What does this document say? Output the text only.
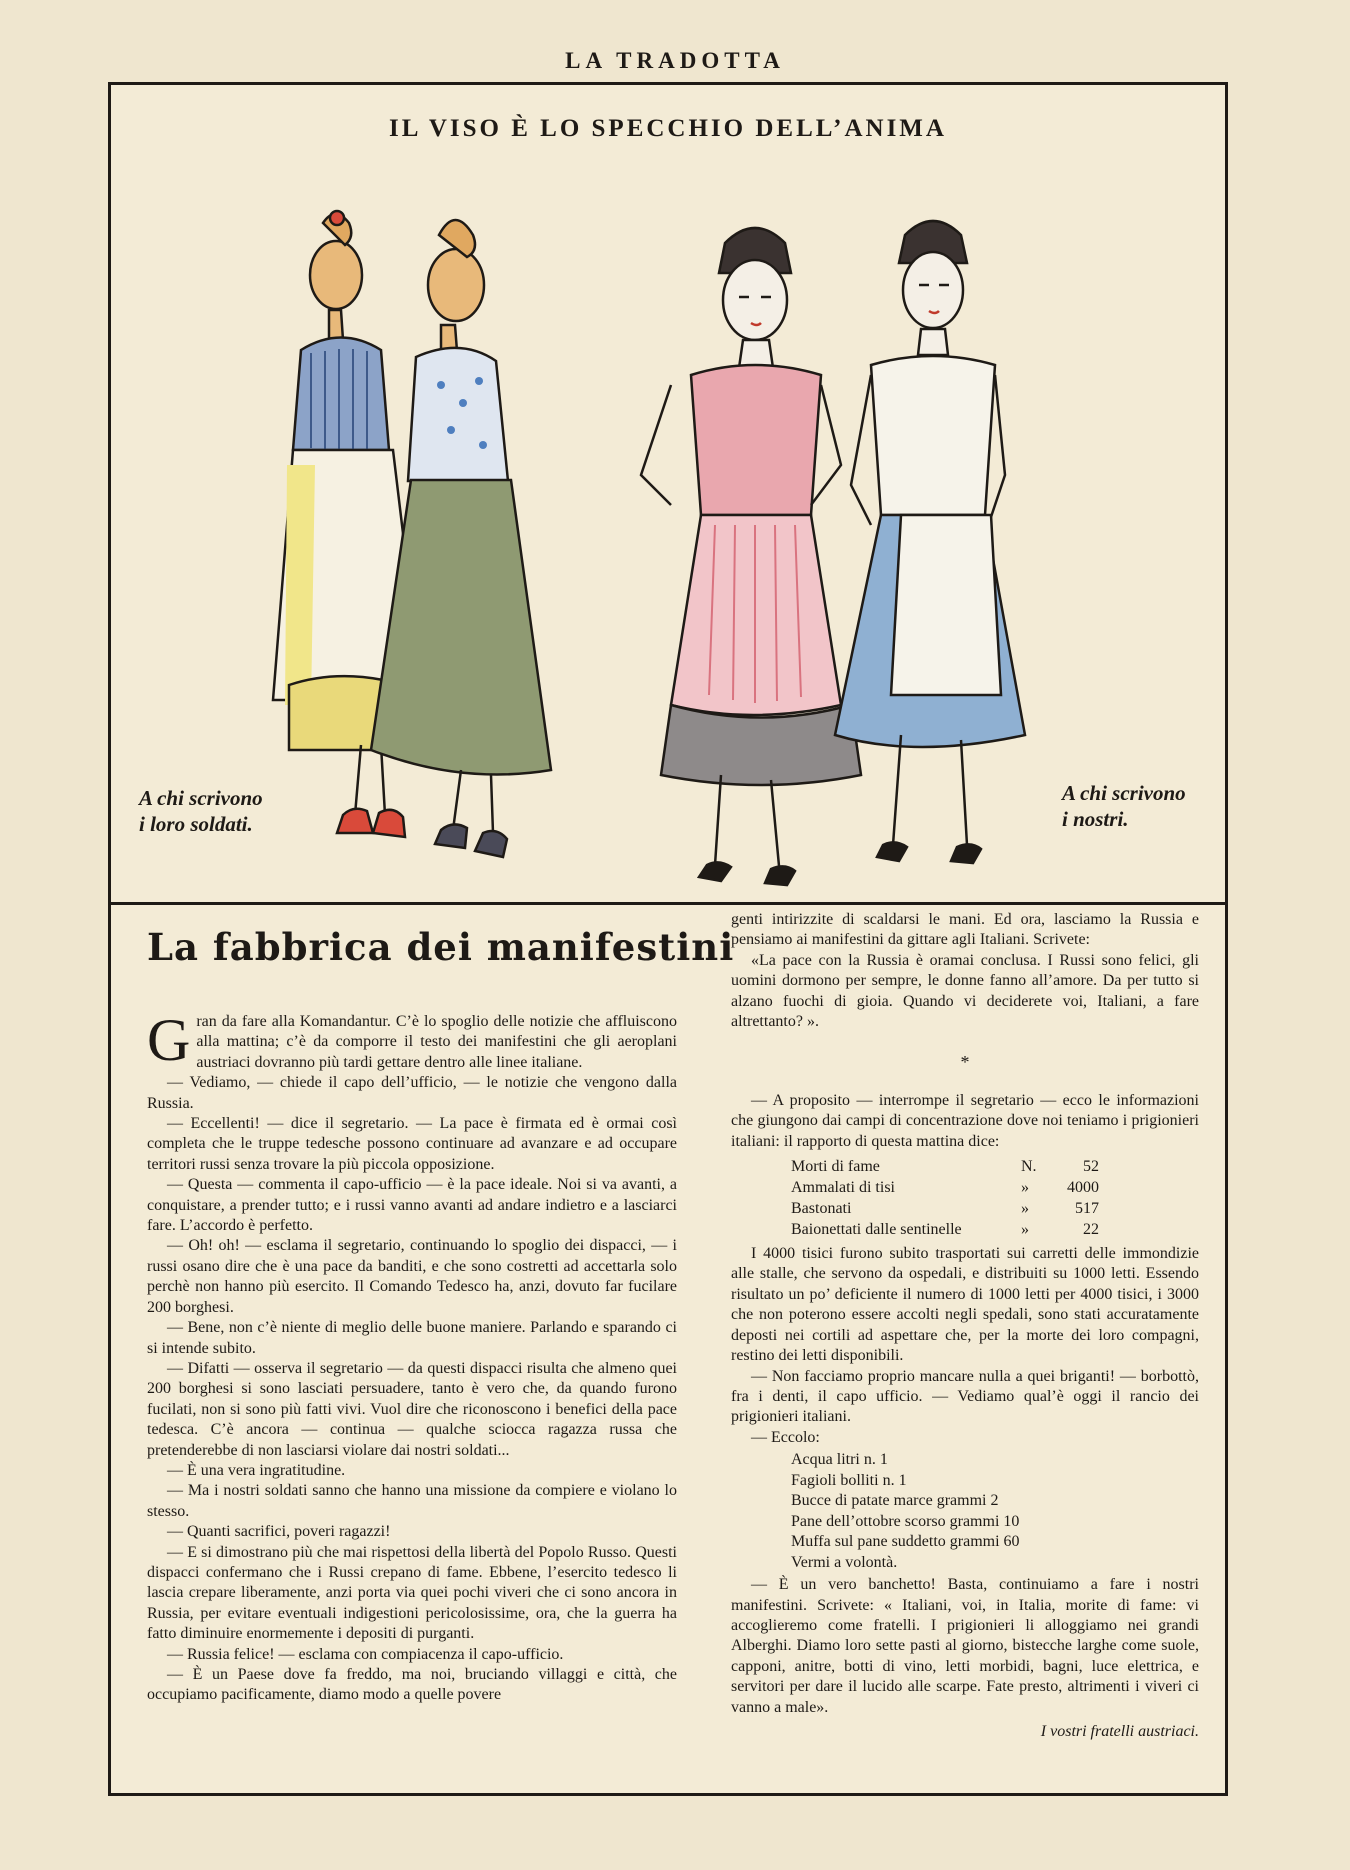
LA TRADOTTA
IL VISO È LO SPECCHIO DELL’ANIMA
A chi scrivono
i loro soldati.
A chi scrivono
i nostri.
La fabbrica dei manifestini

Gran da fare alla Komandantur. C’è lo spoglio delle notizie che affluiscono alla mattina; c’è da comporre il testo dei manifestini che gli aeroplani austriaci dovranno più tardi gettare dentro alle linee italiane.

— Vediamo, — chiede il capo dell’ufficio, — le notizie che vengono dalla Russia.

— Eccellenti! — dice il segretario. — La pace è firmata ed è ormai così completa che le truppe tedesche possono continuare ad avanzare e ad occupare territori russi senza trovare la più piccola opposizione.

— Questa — commenta il capo-ufficio — è la pace ideale. Noi si va avanti, a conquistare, a prender tutto; e i russi vanno avanti ad andare indietro e a lasciarci fare. L’accordo è perfetto.

— Oh! oh! — esclama il segretario, continuando lo spoglio dei dispacci, — i russi osano dire che è una pace da banditi, e che sono costretti ad accettarla solo perchè non hanno più esercito. Il Comando Tedesco ha, anzi, dovuto far fucilare 200 borghesi.

— Bene, non c’è niente di meglio delle buone maniere. Parlando e sparando ci si intende subito.

— Difatti — osserva il segretario — da questi dispacci risulta che almeno quei 200 borghesi si sono lasciati persuadere, tanto è vero che, da quando furono fucilati, non si sono più fatti vivi. Vuol dire che riconoscono i benefici della pace tedesca. C’è ancora — continua — qualche sciocca ragazza russa che pretenderebbe di non lasciarsi violare dai nostri soldati...

— È una vera ingratitudine.

— Ma i nostri soldati sanno che hanno una missione da compiere e violano lo stesso.

— Quanti sacrifici, poveri ragazzi!

— E si dimostrano più che mai rispettosi della libertà del Popolo Russo. Questi dispacci confermano che i Russi crepano di fame. Ebbene, l’esercito tedesco li lascia crepare liberamente, anzi porta via quei pochi viveri che ci sono ancora in Russia, per evitare eventuali indigestioni pericolosissime, ora, che la guerra ha fatto diminuire enormemente i depositi di purganti.

— Russia felice! — esclama con compiacenza il capo-ufficio.

— È un Paese dove fa freddo, ma noi, bruciando villaggi e città, che occupiamo pacificamente, diamo modo a quelle povere

genti intirizzite di scaldarsi le mani. Ed ora, lasciamo la Russia e pensiamo ai manifestini da gittare agli Italiani. Scrivete:

«La pace con la Russia è oramai conclusa. I Russi sono felici, gli uomini dormono per sempre, le donne fanno all’amore. Da per tutto si alzano fuochi di gioia. Quando vi deciderete voi, Italiani, a fare altrettanto? ».

*

— A proposito — interrompe il segretario — ecco le informazioni che giungono dai campi di concentrazione dove noi teniamo i prigionieri italiani: il rapporto di questa mattina dice:

Morti di fame	N.	52
Ammalati di tisi	»	4000
Bastonati	»	517
Baionettati dalle sentinelle	»	22

I 4000 tisici furono subito trasportati sui carretti delle immondizie alle stalle, che servono da ospedali, e distribuiti su 1000 letti. Essendo risultato un po’ deficiente il numero di 1000 letti per 4000 tisici, i 3000 che non poterono essere accolti negli spedali, sono stati accuratamente deposti nei cortili ad aspettare che, per la morte dei loro compagni, restino dei letti disponibili.

— Non facciamo proprio mancare nulla a quei briganti! — borbottò, fra i denti, il capo ufficio. — Vediamo qual’è oggi il rancio dei prigionieri italiani.

— Eccolo:

Acqua litri n. 1
Fagioli bolliti n. 1
Bucce di patate marce grammi 2
Pane dell’ottobre scorso grammi 10
Muffa sul pane suddetto grammi 60
Vermi a volontà.

— È un vero banchetto! Basta, continuiamo a fare i nostri manifestini. Scrivete: « Italiani, voi, in Italia, morite di fame: vi accoglieremo come fratelli. I prigionieri li alloggiamo nei grandi Alberghi. Diamo loro sette pasti al giorno, bistecche larghe come suole, capponi, anitre, botti di vino, letti morbidi, bagni, luce elettrica, e servitori per dare il lucido alle scarpe. Fate presto, altrimenti i viveri ci vanno a male».

I vostri fratelli austriaci.
